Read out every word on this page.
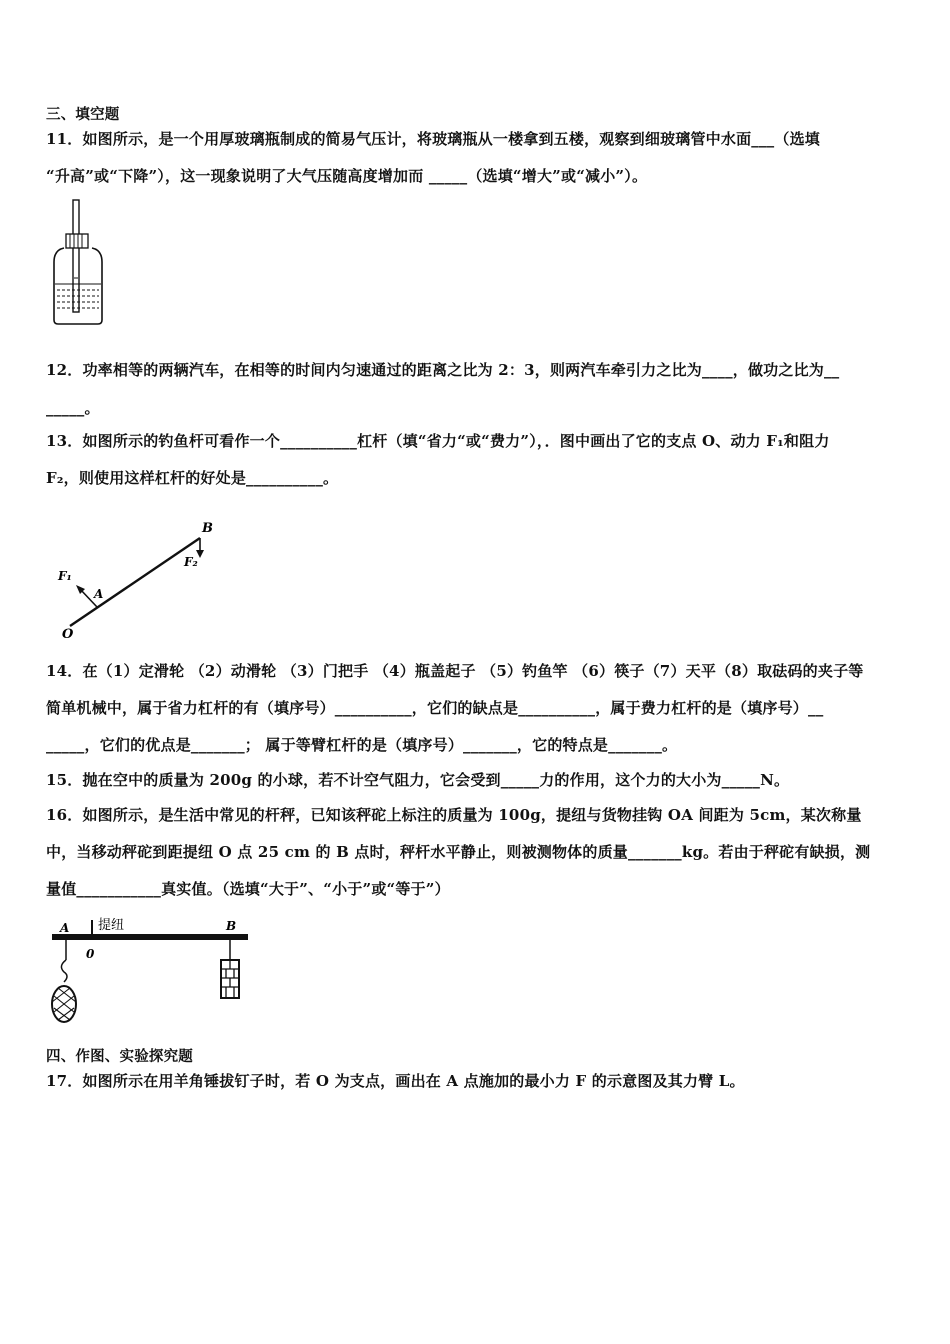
三、填空题
11．如图所示，是一个用厚玻璃瓶制成的简易气压计，将玻璃瓶从一楼拿到五楼，观察到细玻璃管中水面___（选填
“升高”或“下降”），这一现象说明了大气压随高度增加而 _____（选填“增大”或“减小”）。
12．功率相等的两辆汽车，在相等的时间内匀速通过的距离之比为 2：3，则两汽车牵引力之比为____，做功之比为__
_____。
13．如图所示的钓鱼杆可看作一个__________杠杆（填“省力“或“费力”），．图中画出了它的支点 O、动力 F₁和阻力
F₂，则使用这样杠杆的好处是__________。
B
F₂
F₁
A
O
14．在（1）定滑轮 （2）动滑轮 （3）门把手 （4）瓶盖起子 （5）钓鱼竿 （6）筷子（7）天平（8）取砝码的夹子等
简单机械中，属于省力杠杆的有（填序号）__________，它们的缺点是__________，属于费力杠杆的是（填序号）__
_____，它们的优点是_______； 属于等臂杠杆的是（填序号）_______，它的特点是_______。
15．抛在空中的质量为 200g 的小球，若不计空气阻力，它会受到_____力的作用，这个力的大小为_____N。
16．如图所示，是生活中常见的杆秤，已知该秤砣上标注的质量为 100g，提纽与货物挂钩 OA 间距为 5cm，某次称量
中，当移动秤砣到距提纽 O 点 25 cm 的 B 点时，秤杆水平静止，则被测物体的质量_______kg。若由于秤砣有缺损，测
量值___________真实值。（选填“大于”、“小于”或“等于”）
提纽
A
0
B
四、作图、实验探究题
17．如图所示在用羊角锤拔钉子时，若 O 为支点，画出在 A 点施加的最小力 F 的示意图及其力臂 L。
